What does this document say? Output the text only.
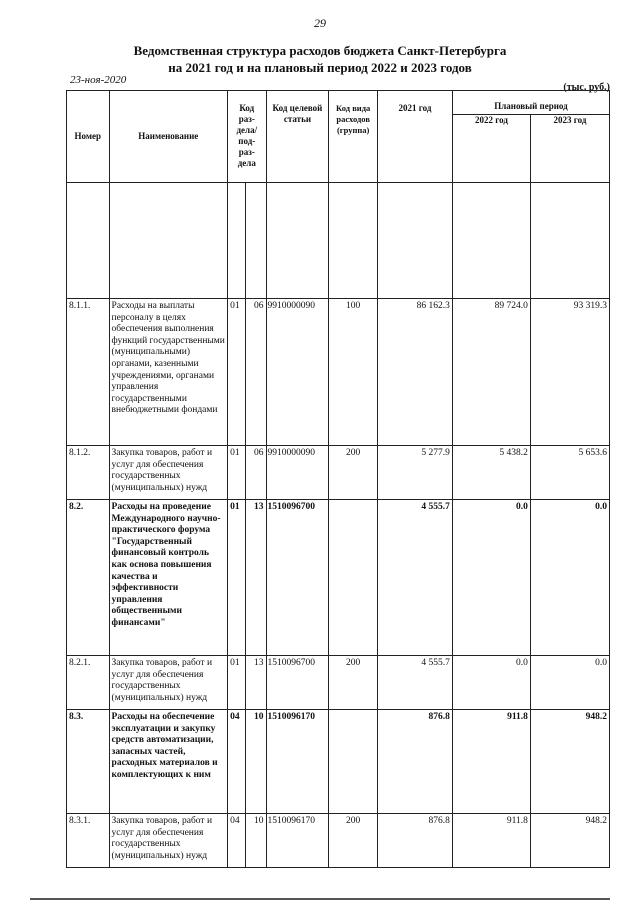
29
Ведомственная структура расходов бюджета Санкт-Петербурга
на 2021 год и на плановый период 2022 и 2023 годов
23-ноя-2020
(тыс. руб.)
Номер	Наименование	Код раз-дела/ под-раз-дела		Код целевой статьи	Код вида расходов (группа)	2021 год	Плановый период	
							2022 год	2023 год

8.1.1.	Расходы на выплаты персоналу в целях обеспечения выполнения функций государственными (муниципальными) органами, казенными учреждениями, органами управления государственными внебюджетными фондами	01	06	9910000090	100	86 162.3	89 724.0	93 319.3
8.1.2.	Закупка товаров, работ и услуг для обеспечения государственных (муниципальных) нужд	01	06	9910000090	200	5 277.9	5 438.2	5 653.6
8.2.	Расходы на проведение Международного научно-практического форума "Государственный финансовый контроль как основа повышения качества и эффективности управления общественными финансами"	01	13	1510096700		4 555.7	0.0	0.0
8.2.1.	Закупка товаров, работ и услуг для обеспечения государственных (муниципальных) нужд	01	13	1510096700	200	4 555.7	0.0	0.0
8.3.	Расходы на обеспечение эксплуатации и закупку средств автоматизации, запасных частей, расходных материалов и комплектующих к ним	04	10	1510096170		876.8	911.8	948.2
8.3.1.	Закупка товаров, работ и услуг для обеспечения государственных (муниципальных) нужд	04	10	1510096170	200	876.8	911.8	948.2
